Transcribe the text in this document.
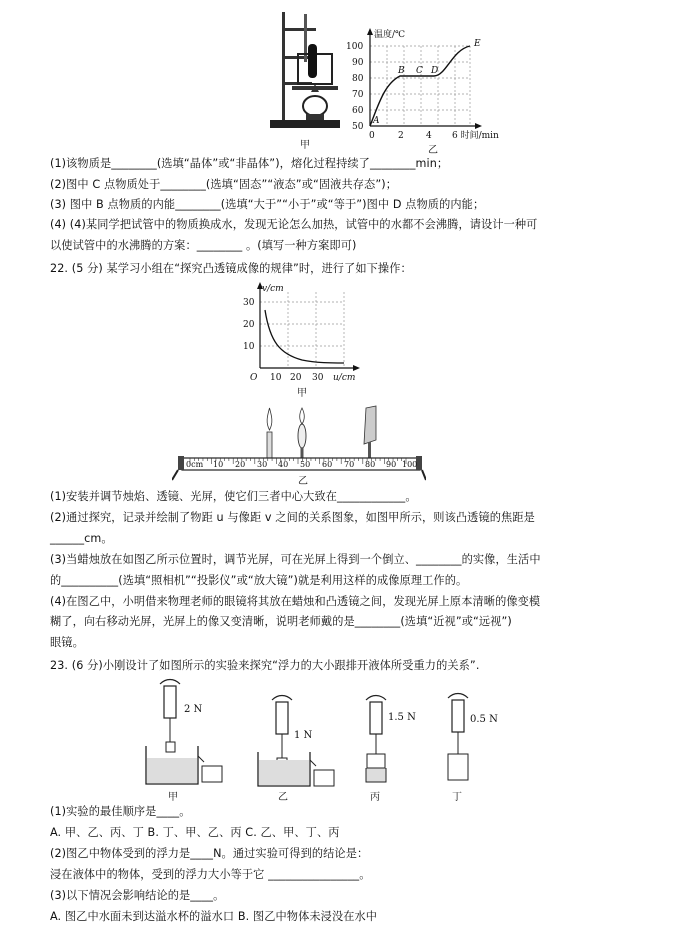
甲
温度/℃
100
90
80
70
60
50
0	2 4 6 时间/min
A
B C D
E
乙
(1)该物质是________(选填“晶体”或“非晶体”)，熔化过程持续了________min；
(2)图中 C 点物质处于________(选填“固态”“液态”或“固液共存态”)；
(3) 图中 B 点物质的内能________(选填“大于”“小于”或“等于”)图中 D 点物质的内能；
(4) (4)某同学把试管中的物质换成水，发现无论怎么加热，试管中的水都不会沸腾，请设计一种可
以使试管中的水沸腾的方案：________ 。(填写一种方案即可)
22. (5 分) 某学习小组在“探究凸透镜成像的规律”时，进行了如下操作：
v/cm
30
20
10
O 10 20 30 u/cm
甲
0cm 10 20 30 40 50 60 70 80 90 100
乙
(1)安装并调节烛焰、透镜、光屏，使它们三者中心大致在____________。
(2)通过探究，记录并绘制了物距 u 与像距 v 之间的关系图象，如图甲所示，则该凸透镜的焦距是
______cm。
(3)当蜡烛放在如图乙所示位置时，调节光屏，可在光屏上得到一个倒立、________的实像，生活中
的__________(选填“照相机”“投影仪”或“放大镜”)就是利用这样的成像原理工作的。
(4)在图乙中，小明借来物理老师的眼镜将其放在蜡烛和凸透镜之间，发现光屏上原本清晰的像变模
糊了，向右移动光屏，光屏上的像又变清晰，说明老师戴的是________(选填“近视”或“远视”)
眼镜。
23. (6 分)小刚设计了如图所示的实验来探究“浮力的大小跟排开液体所受重力的关系”.
2 N
1 N
1.5 N	0.5 N
甲	乙	丙	丁
(1)实验的最佳顺序是____。
A. 甲、乙、丙、丁 B. 丁、甲、乙、丙 C. 乙、甲、丁、丙
(2)图乙中物体受到的浮力是____N。通过实验可得到的结论是：
浸在液体中的物体，受到的浮力大小等于它 ________________。
(3)以下情况会影响结论的是____。
A. 图乙中水面未到达溢水杯的溢水口 B. 图乙中物体未浸没在水中
